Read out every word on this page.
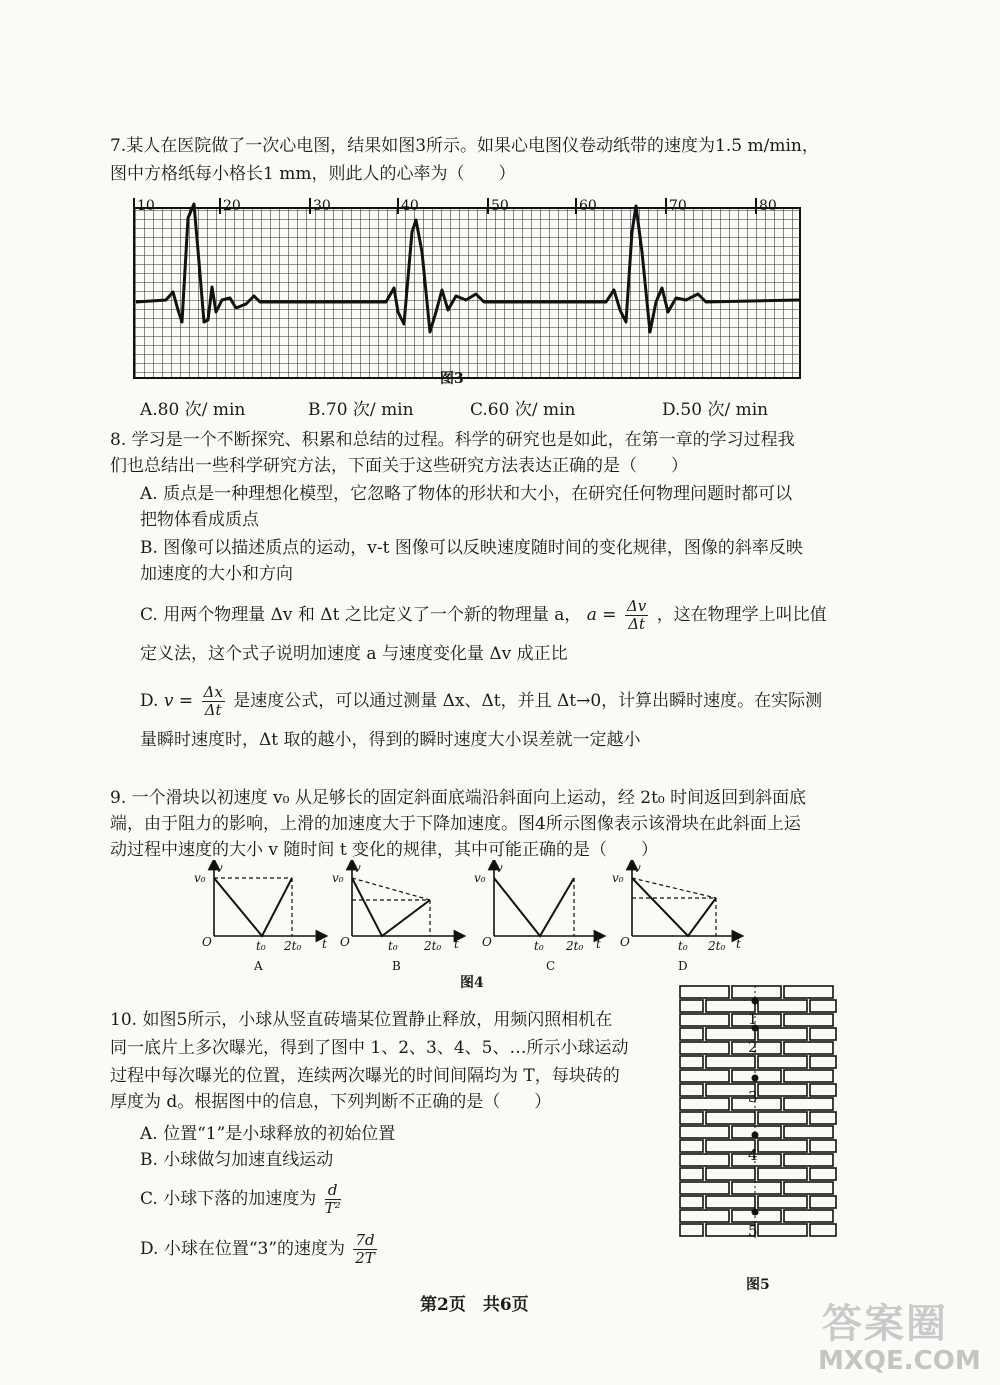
7.某人在医院做了一次心电图，结果如图3所示。如果心电图仪卷动纸带的速度为1.5 m/min，
图中方格纸每小格长1 mm，则此人的心率为（　　）
10	20	30	40	50	60	70	80
图3
A.80 次/ min	B.70 次/ min	C.60 次/ min	D.50 次/ min
8. 学习是一个不断探究、积累和总结的过程。科学的研究也是如此，在第一章的学习过程我
们也总结出一些科学研究方法，下面关于这些研究方法表达正确的是（　　）
A. 质点是一种理想化模型，它忽略了物体的形状和大小，在研究任何物理问题时都可以
把物体看成质点
B. 图像可以描述质点的运动，v-t 图像可以反映速度随时间的变化规律，图像的斜率反映
加速度的大小和方向
C. 用两个物理量 Δv 和 Δt 之比定义了一个新的物理量 a， $a = \frac{\Delta v}{\Delta t}$ ，这在物理学上叫比值
定义法，这个式子说明加速度 a 与速度变化量 Δv 成正比
D. $v = \frac{\Delta x}{\Delta t}$ 是速度公式，可以通过测量 Δx、Δt，并且 Δt→0，计算出瞬时速度。在实际测
量瞬时速度时，Δt 取的越小，得到的瞬时速度大小误差就一定越小
9. 一个滑块以初速度 v₀ 从足够长的固定斜面底端沿斜面向上运动，经 2t₀ 时间返回到斜面底
端，由于阻力的影响，上滑的加速度大于下降加速度。图4所示图像表示该滑块在此斜面上运
动过程中速度的大小 v 随时间 t 变化的规律，其中可能正确的是（　　）
v
v₀
O	t₀ 2t₀ t
A
v
v₀
O	t₀ 2t₀ t
B
v
v₀
O	t₀ 2t₀ t
C
v
v₀
O	t₀ 2t₀ t
D
图4
10. 如图5所示，小球从竖直砖墙某位置静止释放，用频闪照相机在
同一底片上多次曝光，得到了图中 1、2、3、4、5、…所示小球运动
过程中每次曝光的位置，连续两次曝光的时间间隔均为 T，每块砖的
厚度为 d。根据图中的信息，下列判断不正确的是（　　）
A. 位置“1”是小球释放的初始位置
B. 小球做匀加速直线运动
C. 小球下落的加速度为 $\frac{d}{\text{T²}}$
D. 小球在位置“3”的速度为 $\frac{7d}{2T}$
1
2
3
4
5
图5
第2页　共6页	答案圈
MXQE.COM
